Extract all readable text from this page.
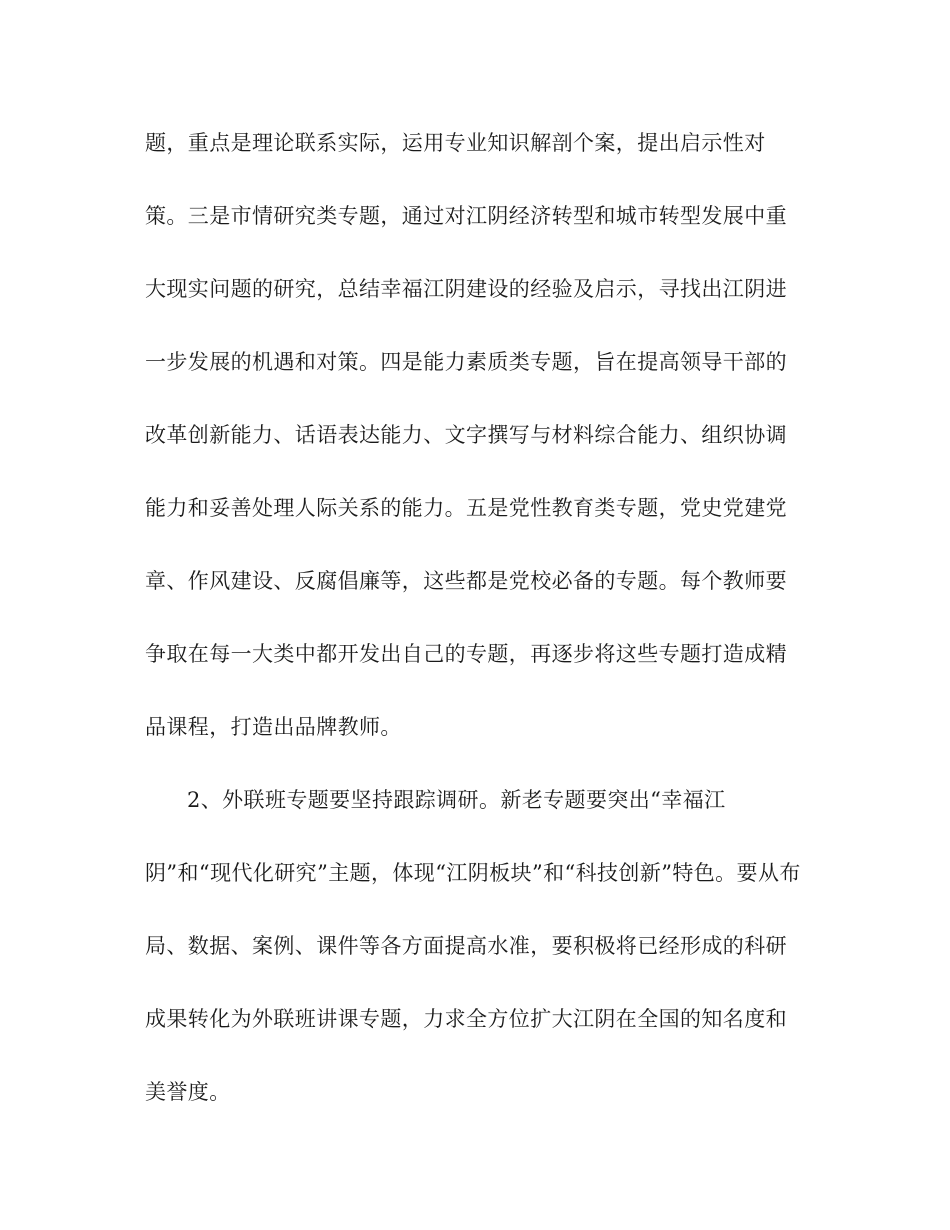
题，重点是理论联系实际，运用专业知识解剖个案，提出启示性对
策。三是市情研究类专题，通过对江阴经济转型和城市转型发展中重
大现实问题的研究，总结幸福江阴建设的经验及启示，寻找出江阴进
一步发展的机遇和对策。四是能力素质类专题，旨在提高领导干部的
改革创新能力、话语表达能力、文字撰写与材料综合能力、组织协调
能力和妥善处理人际关系的能力。五是党性教育类专题，党史党建党
章、作风建设、反腐倡廉等，这些都是党校必备的专题。每个教师要
争取在每一大类中都开发出自己的专题，再逐步将这些专题打造成精
品课程，打造出品牌教师。
2、外联班专题要坚持跟踪调研。新老专题要突出“幸福江
阴”和“现代化研究”主题，体现“江阴板块”和“科技创新”特色。要从布
局、数据、案例、课件等各方面提高水准，要积极将已经形成的科研
成果转化为外联班讲课专题，力求全方位扩大江阴在全国的知名度和
美誉度。
